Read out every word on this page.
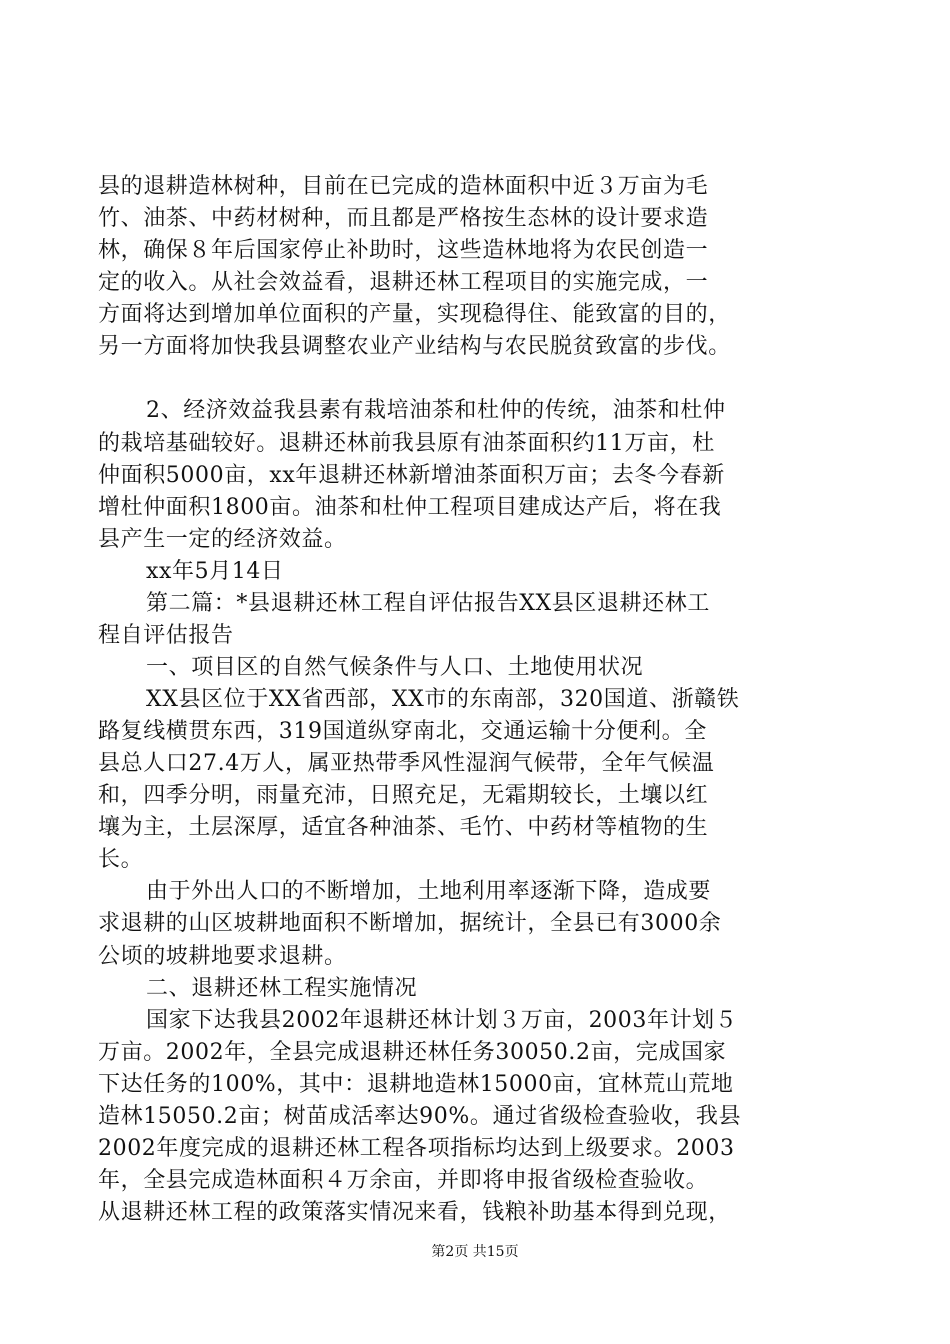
县的退耕造林树种，目前在已完成的造林面积中近３万亩为毛
竹、油茶、中药材树种，而且都是严格按生态林的设计要求造
林，确保８年后国家停止补助时，这些造林地将为农民创造一
定的收入。从社会效益看，退耕还林工程项目的实施完成，一
方面将达到增加单位面积的产量，实现稳得住、能致富的目的，
另一方面将加快我县调整农业产业结构与农民脱贫致富的步伐。
2、经济效益我县素有栽培油茶和杜仲的传统，油茶和杜仲
的栽培基础较好。退耕还林前我县原有油茶面积约11万亩，杜
仲面积5000亩，xx年退耕还林新增油茶面积万亩；去冬今春新
增杜仲面积1800亩。油茶和杜仲工程项目建成达产后，将在我
县产生一定的经济效益。
xx年5月14日
第二篇：*县退耕还林工程自评估报告XX县区退耕还林工
程自评估报告
一、项目区的自然气候条件与人口、土地使用状况
XX县区位于XX省西部，XX市的东南部，320国道、浙赣铁
路复线横贯东西，319国道纵穿南北，交通运输十分便利。全
县总人口27.4万人，属亚热带季风性湿润气候带，全年气候温
和，四季分明，雨量充沛，日照充足，无霜期较长，土壤以红
壤为主，土层深厚，适宜各种油茶、毛竹、中药材等植物的生
长。
由于外出人口的不断增加，土地利用率逐渐下降，造成要
求退耕的山区坡耕地面积不断增加，据统计，全县已有3000余
公顷的坡耕地要求退耕。
二、退耕还林工程实施情况
国家下达我县2002年退耕还林计划３万亩，2003年计划５
万亩。2002年，全县完成退耕还林任务30050.2亩，完成国家
下达任务的100%，其中：退耕地造林15000亩，宜林荒山荒地
造林15050.2亩；树苗成活率达90%。通过省级检查验收，我县
2002年度完成的退耕还林工程各项指标均达到上级要求。2003
年，全县完成造林面积４万余亩，并即将申报省级检查验收。
从退耕还林工程的政策落实情况来看，钱粮补助基本得到兑现，
第2页 共15页
